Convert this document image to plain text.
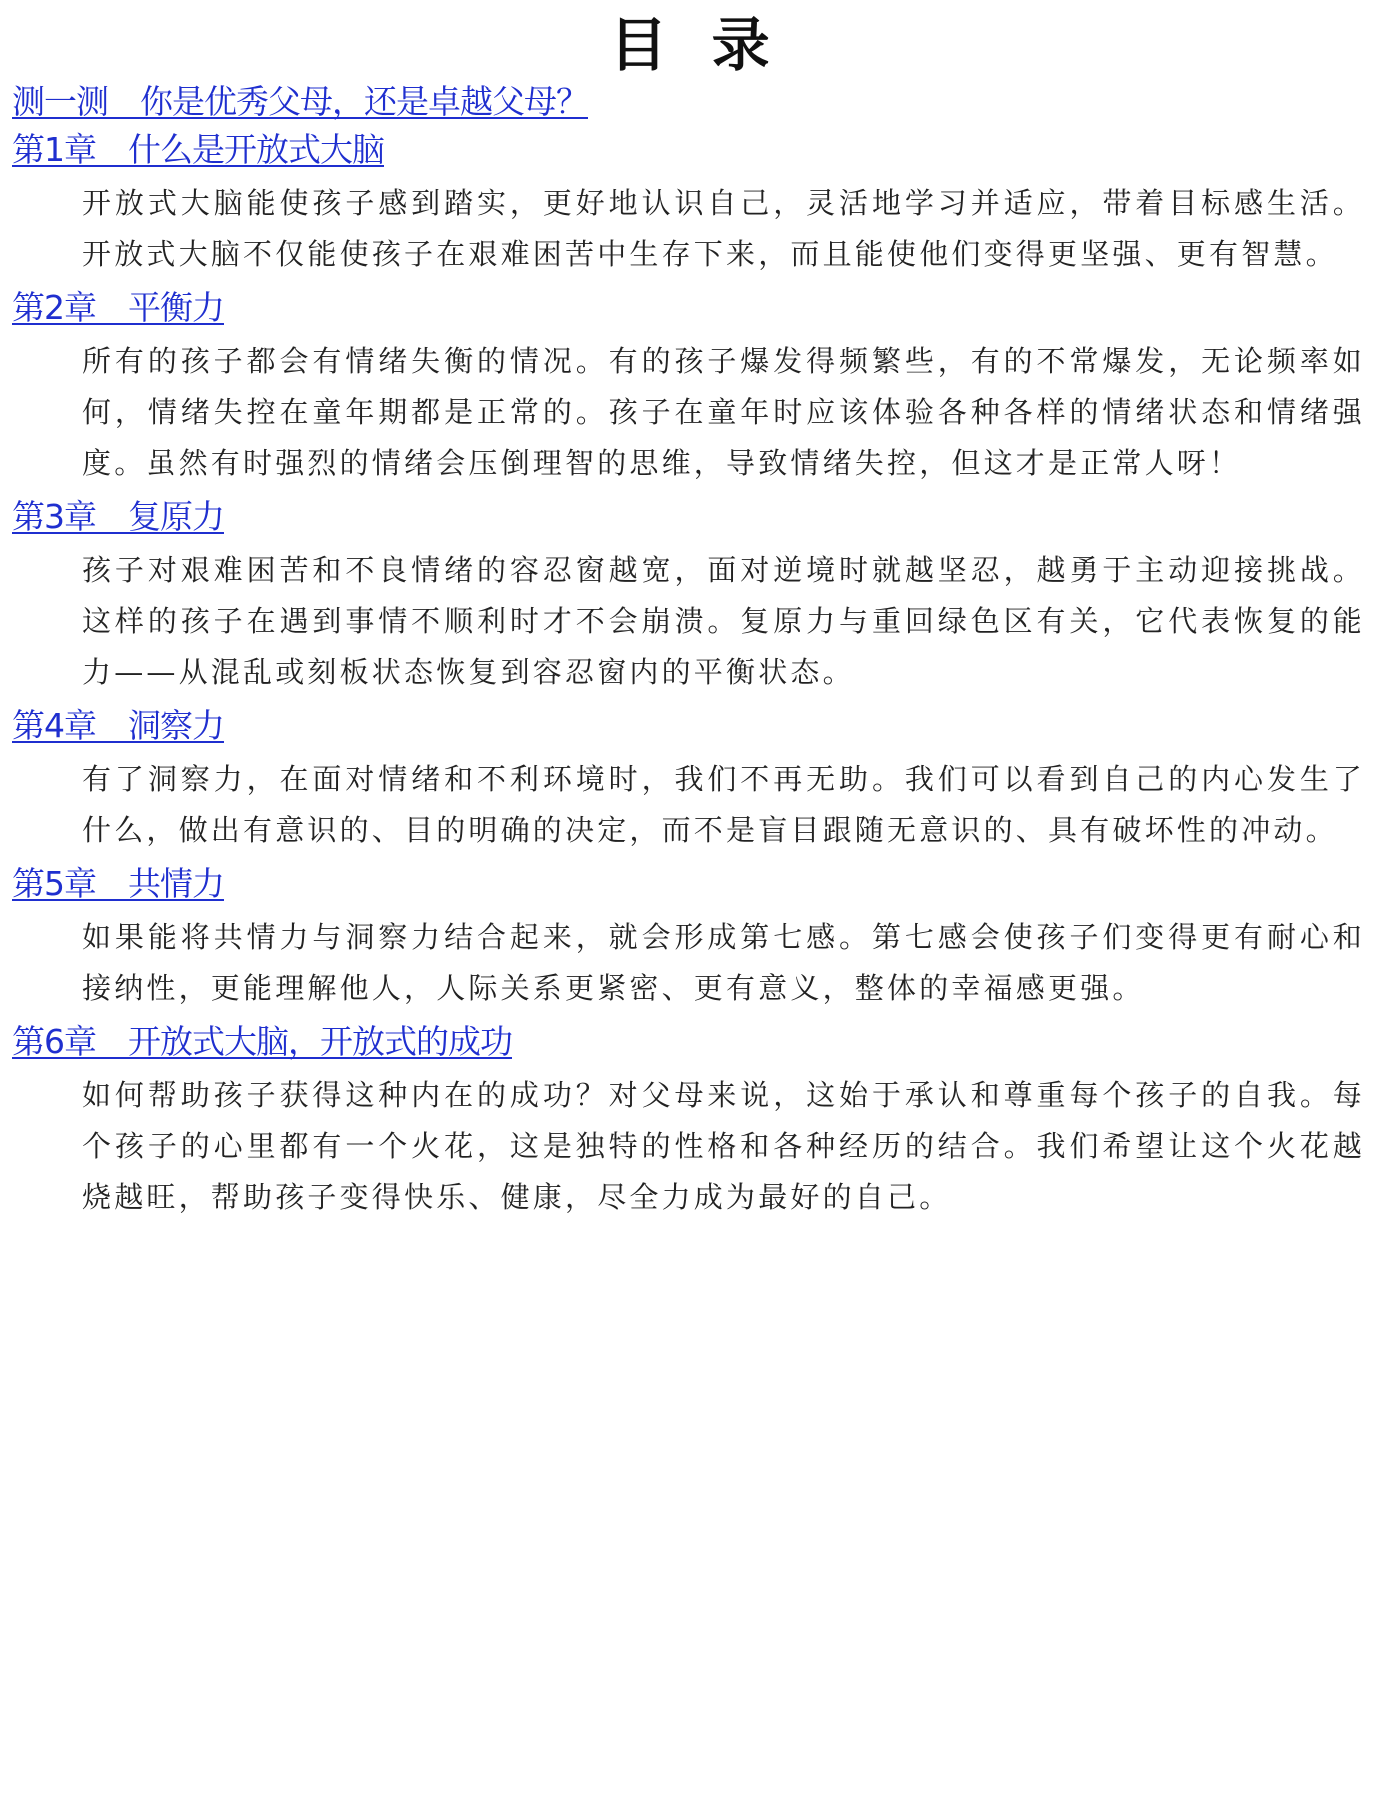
目 录
测一测　你是优秀父母，还是卓越父母？
第1章　什么是开放式大脑

开放式大脑能使孩子感到踏实，更好地认识自己，灵活地学习并适应，带着目标感生活。开放式大脑不仅能使孩子在艰难困苦中生存下来，而且能使他们变得更坚强、更有智慧。

第2章　平衡力

所有的孩子都会有情绪失衡的情况。有的孩子爆发得频繁些，有的不常爆发，无论频率如何，情绪失控在童年期都是正常的。孩子在童年时应该体验各种各样的情绪状态和情绪强度。虽然有时强烈的情绪会压倒理智的思维，导致情绪失控，但这才是正常人呀！

第3章　复原力

孩子对艰难困苦和不良情绪的容忍窗越宽，面对逆境时就越坚忍，越勇于主动迎接挑战。这样的孩子在遇到事情不顺利时才不会崩溃。复原力与重回绿色区有关，它代表恢复的能力——从混乱或刻板状态恢复到容忍窗内的平衡状态。

第4章　洞察力

有了洞察力，在面对情绪和不利环境时，我们不再无助。我们可以看到自己的内心发生了什么，做出有意识的、目的明确的决定，而不是盲目跟随无意识的、具有破坏性的冲动。

第5章　共情力

如果能将共情力与洞察力结合起来，就会形成第七感。第七感会使孩子们变得更有耐心和接纳性，更能理解他人，人际关系更紧密、更有意义，整体的幸福感更强。

第6章　开放式大脑，开放式的成功

如何帮助孩子获得这种内在的成功？对父母来说，这始于承认和尊重每个孩子的自我。每个孩子的心里都有一个火花，这是独特的性格和各种经历的结合。我们希望让这个火花越烧越旺，帮助孩子变得快乐、健康，尽全力成为最好的自己。
